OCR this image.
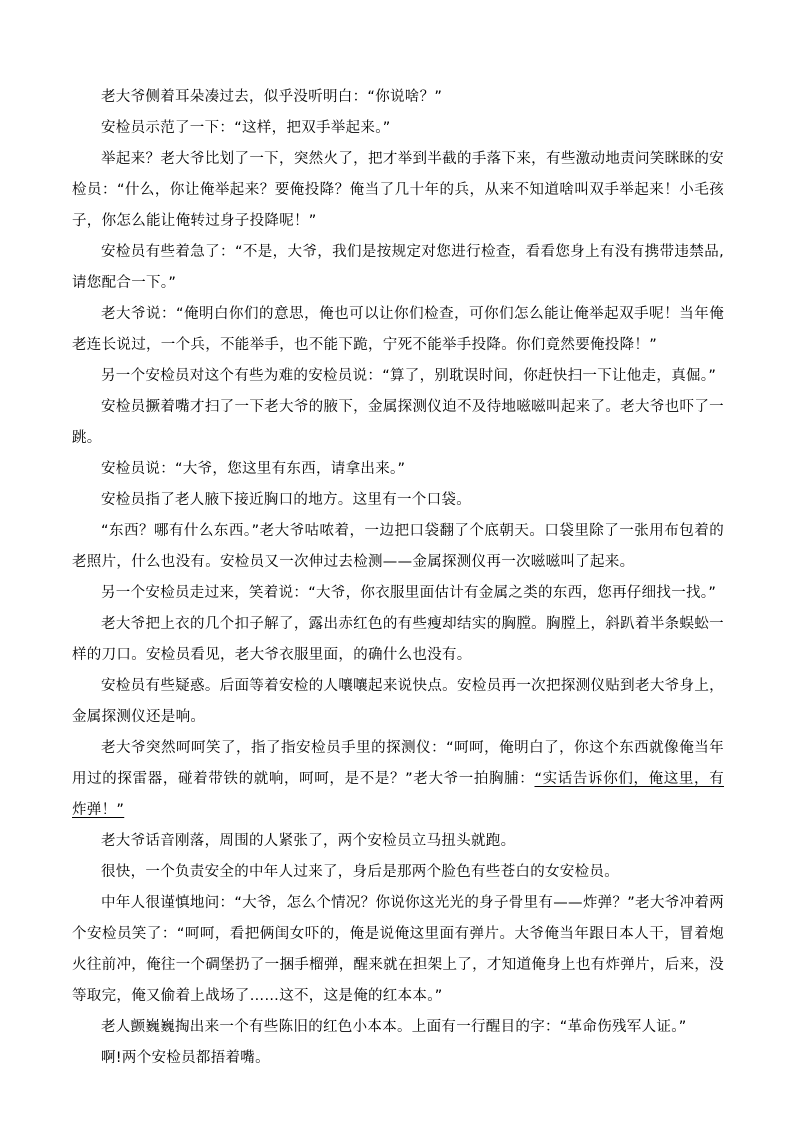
老大爷侧着耳朵凑过去，似乎没听明白：“你说啥？”

安检员示范了一下：“这样，把双手举起来。”

举起来？老大爷比划了一下，突然火了，把才举到半截的手落下来，有些激动地责问笑眯眯的安检员：“什么，你让俺举起来？要俺投降？俺当了几十年的兵，从来不知道啥叫双手举起来！小毛孩子，你怎么能让俺转过身子投降呢！”

安检员有些着急了：“不是，大爷，我们是按规定对您进行检查，看看您身上有没有携带违禁品,请您配合一下。”

老大爷说：“俺明白你们的意思，俺也可以让你们检查，可你们怎么能让俺举起双手呢！当年俺老连长说过，一个兵，不能举手，也不能下跪，宁死不能举手投降。你们竟然要俺投降！”

另一个安检员对这个有些为难的安检员说：“算了，别耽误时间，你赶快扫一下让他走，真倔。”

安检员撅着嘴才扫了一下老大爷的腋下，金属探测仪迫不及待地嗞嗞叫起来了。老大爷也吓了一跳。

安检员说：“大爷，您这里有东西，请拿出来。”

安检员指了老人腋下接近胸口的地方。这里有一个口袋。

“东西？哪有什么东西。”老大爷咕哝着，一边把口袋翻了个底朝天。口袋里除了一张用布包着的老照片，什么也没有。安检员又一次伸过去检测——金属探测仪再一次嗞嗞叫了起来。

另一个安检员走过来，笑着说：“大爷，你衣服里面估计有金属之类的东西，您再仔细找一找。”

老大爷把上衣的几个扣子解了，露出赤红色的有些瘦却结实的胸膛。胸膛上，斜趴着半条蜈蚣一样的刀口。安检员看见，老大爷衣服里面，的确什么也没有。

安检员有些疑惑。后面等着安检的人嚷嚷起来说快点。安检员再一次把探测仪贴到老大爷身上，金属探测仪还是响。

老大爷突然呵呵笑了，指了指安检员手里的探测仪：“呵呵，俺明白了，你这个东西就像俺当年用过的探雷器，碰着带铁的就响，呵呵，是不是？”老大爷一拍胸脯：“实话告诉你们，俺这里，有炸弹！”

老大爷话音刚落，周围的人紧张了，两个安检员立马扭头就跑。

很快，一个负责安全的中年人过来了，身后是那两个脸色有些苍白的女安检员。

中年人很谨慎地问：“大爷，怎么个情况？你说你这光光的身子骨里有——炸弹？”老大爷冲着两个安检员笑了：“呵呵，看把俩闺女吓的，俺是说俺这里面有弹片。大爷俺当年跟日本人干，冒着炮火往前冲，俺往一个碉堡扔了一捆手榴弹，醒来就在担架上了，才知道俺身上也有炸弹片，后来，没等取完，俺又偷着上战场了……这不，这是俺的红本本。”

老人颤巍巍掏出来一个有些陈旧的红色小本本。上面有一行醒目的字：“革命伤残军人证。”

啊!两个安检员都捂着嘴。
